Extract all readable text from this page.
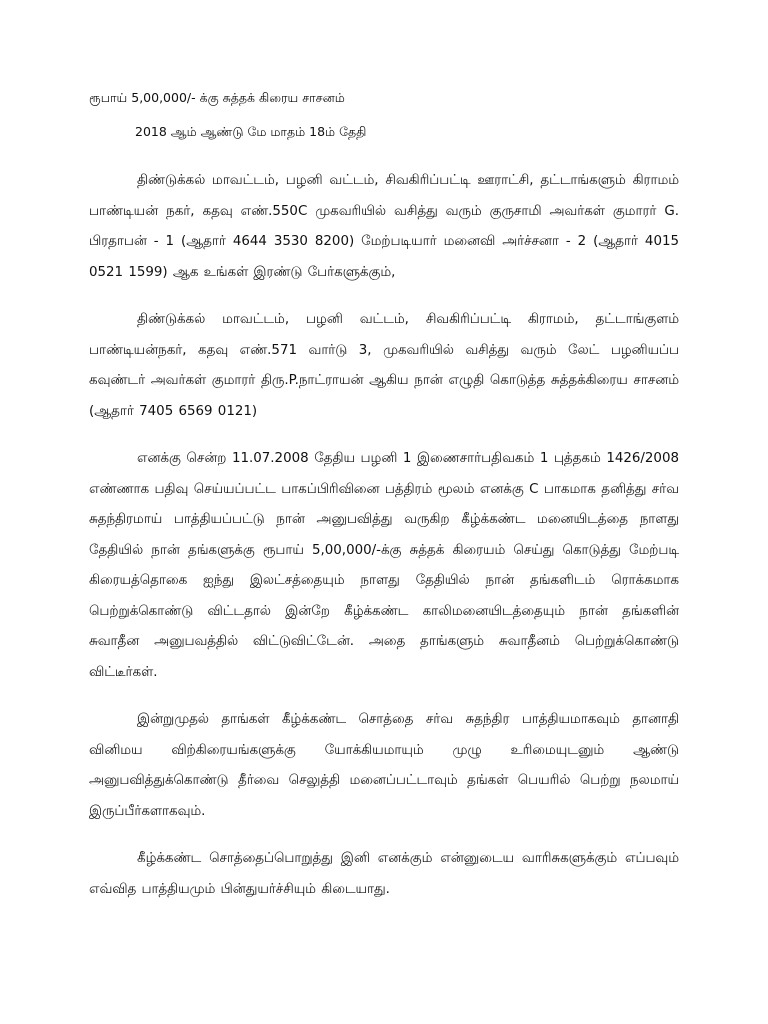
ரூபாய் 5,00,000/- க்கு சுத்தக் கிரைய சாசனம்

2018 ஆம் ஆண்டு மே மாதம் 18ம் தேதி

திண்டுக்கல் மாவட்டம், பழனி வட்டம், சிவகிரிப்பட்டி ஊராட்சி, தட்டாங்களும் கிராமம் பாண்டியன் நகர், கதவு எண்.550C முகவரியில் வசித்து வரும் குருசாமி அவர்கள் குமாரர் G. பிரதாபன் - 1 (ஆதார் 4644 3530 8200) மேற்படியார் மனைவி அர்ச்சனா - 2 (ஆதார் 4015 0521 1599) ஆக உங்கள் இரண்டு பேர்களுக்கும்,

திண்டுக்கல் மாவட்டம், பழனி வட்டம், சிவகிரிப்பட்டி கிராமம், தட்டாங்குளம் பாண்டியன்நகர், கதவு எண்.571 வார்டு 3, முகவரியில் வசித்து வரும் லேட் பழனியப்ப கவுண்டர் அவர்கள் குமாரர் திரு.P.நாட்ராயன் ஆகிய நான் எழுதி கொடுத்த சுத்தக்கிரைய சாசனம் (ஆதார் 7405 6569 0121)

எனக்கு சென்ற 11.07.2008 தேதிய பழனி 1 இணைசார்பதிவகம் 1 புத்தகம் 1426/2008 எண்ணாக பதிவு செய்யப்பட்ட பாகப்பிரிவினை பத்திரம் மூலம் எனக்கு C பாகமாக தனித்து சர்வ சுதந்திரமாய் பாத்தியப்பட்டு நான் அனுபவித்து வருகிற கீழ்க்கண்ட மனையிடத்தை நாளது தேதியில் நான் தங்களுக்கு ரூபாய் 5,00,000/-க்கு சுத்தக் கிரையம் செய்து கொடுத்து மேற்படி கிரையத்தொகை ஐந்து இலட்சத்தையும் நாளது தேதியில் நான் தங்களிடம் ரொக்கமாக பெற்றுக்கொண்டு விட்டதால் இன்றே கீழ்க்கண்ட காலிமனையிடத்தையும் நான் தங்களின் சுவாதீன அனுபவத்தில் விட்டுவிட்டேன். அதை தாங்களும் சுவாதீனம் பெற்றுக்கொண்டு விட்டீர்கள்.

இன்றுமுதல் தாங்கள் கீழ்க்கண்ட சொத்தை சர்வ சுதந்திர பாத்தியமாகவும் தானாதி வினிமய விற்கிரையங்களுக்கு யோக்கியமாயும் முழு உரிமையுடனும் ஆண்டு அனுபவித்துக்கொண்டு தீர்வை செலுத்தி மனைப்பட்டாவும் தங்கள் பெயரில் பெற்று நலமாய் இருப்பீர்களாகவும்.

கீழ்க்கண்ட சொத்தைப்பொறுத்து இனி எனக்கும் என்னுடைய வாரிசுகளுக்கும் எப்பவும் எவ்வித பாத்தியமும் பின்துயர்ச்சியும் கிடையாது.
